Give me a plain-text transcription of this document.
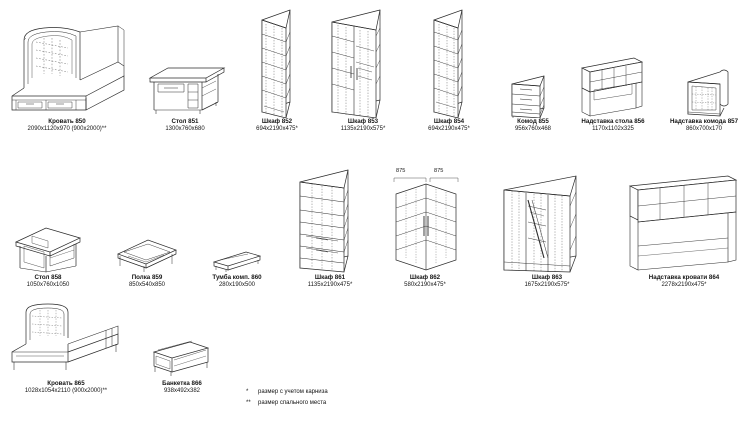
Кровать 850
2090х1120х970 (900х2000)**
Стол 851
1300х760х680
Шкаф 852
694х2190х475*
Шкаф 853
1135х2190х575*
Шкаф 854
694х2190х475*
Комод 855
956х760х468
Надставка стола 856
1170х1102х325
Надставка комода 857
860х700х170
Стол 858
1050х760х1050
Полка 859
850х540х850
Тумба комп. 860
280х190х500
Шкаф 861
1135х2190х475*
875	875
Шкаф 862
580х2190х475*
Шкаф 863
1675х2190х575*
Надставка кровати 864
2278х2190х475*
Кровать 865
1028х1054х2110 (900х2000)**
Банкетка 866
938х492х382	* размер с учетом карниза
** размер спального места
